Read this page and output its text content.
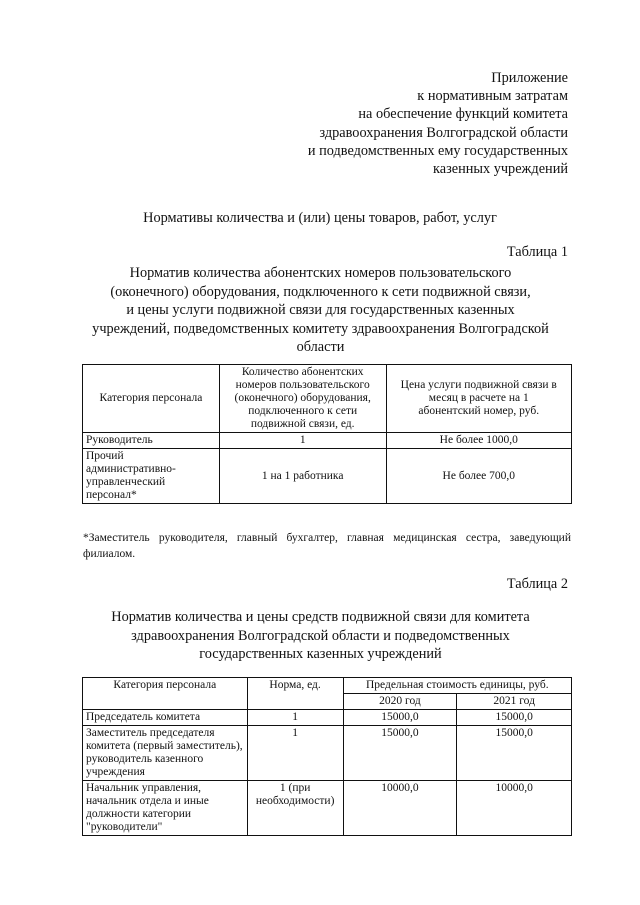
Приложение
к нормативным затратам
на обеспечение функций комитета
здравоохранения Волгоградской области
и подведомственных ему государственных
казенных учреждений
Нормативы количества и (или) цены товаров, работ, услуг
Таблица 1
Норматив количества абонентских номеров пользовательского
(оконечного) оборудования, подключенного к сети подвижной связи,
и цены услуги подвижной связи для государственных казенных
учреждений, подведомственных комитету здравоохранения Волгоградской
области
Категория персонала	Количество абонентских номеров пользовательского (оконечного) оборудования, подключенного к сети подвижной связи, ед.	Цена услуги подвижной связи в месяц в расчете на 1 абонентский номер, руб.
Руководитель	1	Не более 1000,0
Прочий административно-управленческий персонал*	1 на 1 работника	Не более 700,0
*Заместитель руководителя, главный бухгалтер, главная медицинская сестра, заведующий филиалом.
Таблица 2
Норматив количества и цены средств подвижной связи для комитета
здравоохранения Волгоградской области и подведомственных
государственных казенных учреждений
Категория персонала	Норма, ед.	Предельная стоимость единицы, руб.	
		2020 год	2021 год
Председатель комитета	1	15000,0	15000,0
Заместитель председателя комитета (первый заместитель), руководитель казенного учреждения	1	15000,0	15000,0
Начальник управления, начальник отдела и иные должности категории "руководители"	1 (при необходимости)	10000,0	10000,0
